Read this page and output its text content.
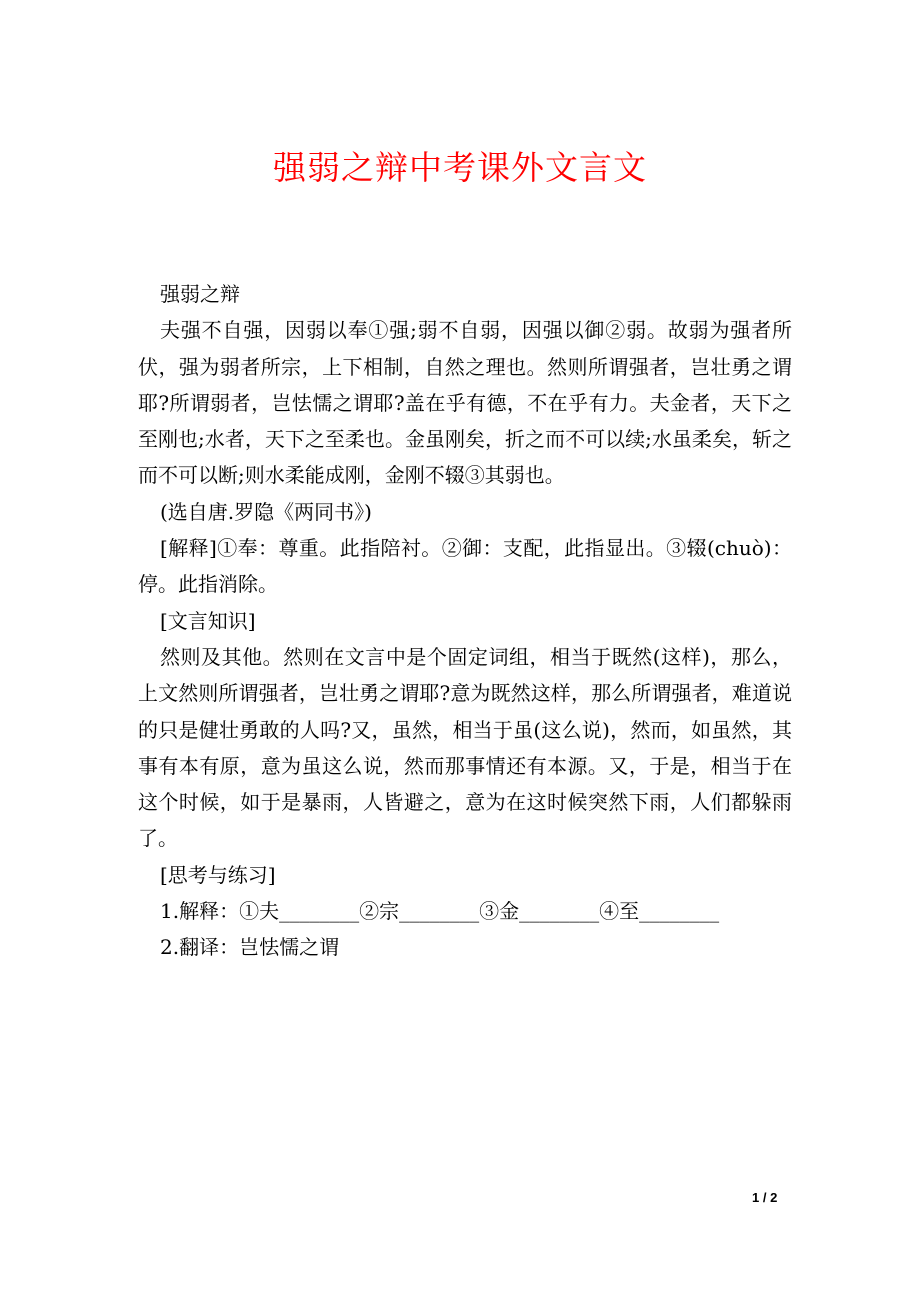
强弱之辩中考课外文言文

强弱之辩

夫强不自强，因弱以奉①强;弱不自弱，因强以御②弱。故弱为强者所伏，强为弱者所宗，上下相制，自然之理也。然则所谓强者，岂壮勇之谓耶?所谓弱者，岂怯懦之谓耶?盖在乎有德，不在乎有力。夫金者，天下之至刚也;水者，天下之至柔也。金虽刚矣，折之而不可以续;水虽柔矣，斩之而不可以断;则水柔能成刚，金刚不辍③其弱也。

(选自唐.罗隐《两同书》)

[解释]①奉：尊重。此指陪衬。②御：支配，此指显出。③辍(chuò)：停。此指消除。

[文言知识]

然则及其他。然则在文言中是个固定词组，相当于既然(这样)，那么，上文然则所谓强者，岂壮勇之谓耶?意为既然这样，那么所谓强者，难道说的只是健壮勇敢的人吗?又，虽然，相当于虽(这么说)，然而，如虽然，其事有本有原，意为虽这么说，然而那事情还有本源。又，于是，相当于在这个时候，如于是暴雨，人皆避之，意为在这时候突然下雨，人们都躲雨了。

[思考与练习]

1.解释：①夫________②宗________③金________④至________

2.翻译：岂怯懦之谓

1 / 2
